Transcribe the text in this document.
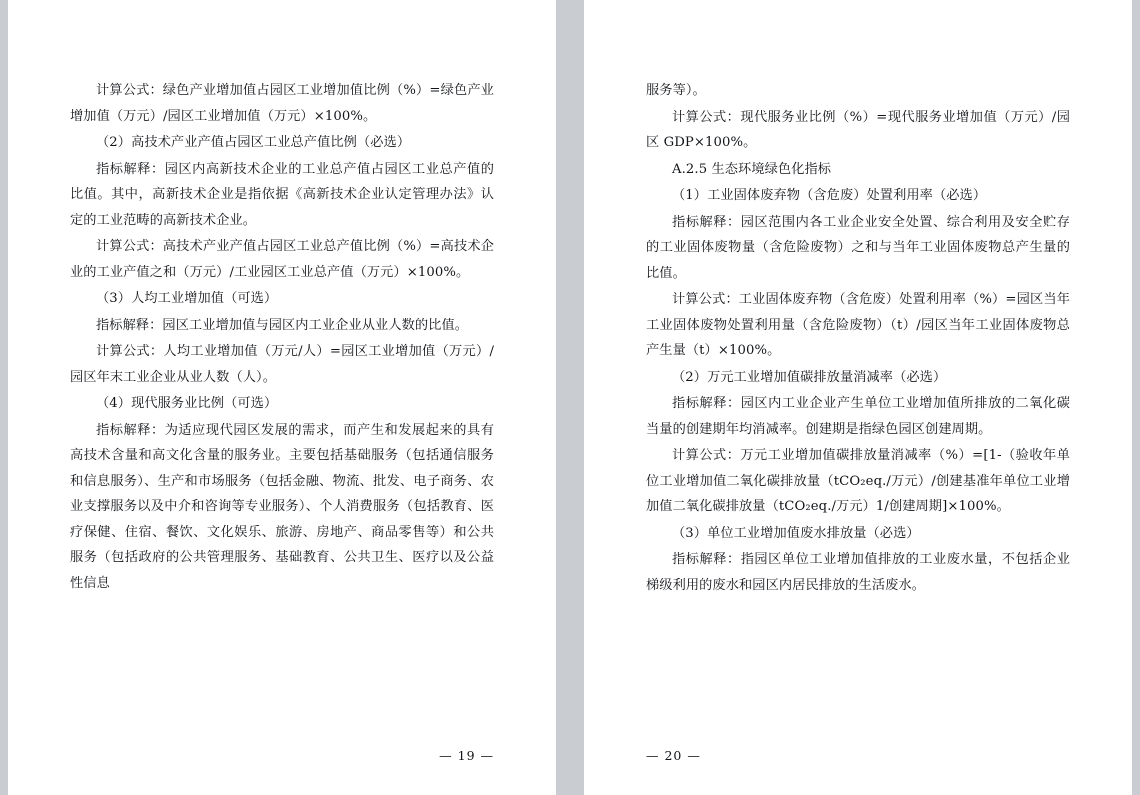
计算公式：绿色产业增加值占园区工业增加值比例（%）=绿色产业增加值（万元）/园区工业增加值（万元）×100%。

（2）高技术产业产值占园区工业总产值比例（必选）

指标解释：园区内高新技术企业的工业总产值占园区工业总产值的比值。其中，高新技术企业是指依据《高新技术企业认定管理办法》认定的工业范畴的高新技术企业。

计算公式：高技术产业产值占园区工业总产值比例（%）=高技术企业的工业产值之和（万元）/工业园区工业总产值（万元）×100%。

（3）人均工业增加值（可选）

指标解释：园区工业增加值与园区内工业企业从业人数的比值。

计算公式：人均工业增加值（万元/人）=园区工业增加值（万元）/园区年末工业企业从业人数（人）。

（4）现代服务业比例（可选）

指标解释：为适应现代园区发展的需求，而产生和发展起来的具有高技术含量和高文化含量的服务业。主要包括基础服务（包括通信服务和信息服务）、生产和市场服务（包括金融、物流、批发、电子商务、农业支撑服务以及中介和咨询等专业服务）、个人消费服务（包括教育、医疗保健、住宿、餐饮、文化娱乐、旅游、房地产、商品零售等）和公共服务（包括政府的公共管理服务、基础教育、公共卫生、医疗以及公益性信息

— 19 —

服务等）。

计算公式：现代服务业比例（%）=现代服务业增加值（万元）/园区 GDP×100%。

A.2.5 生态环境绿色化指标

（1）工业固体废弃物（含危废）处置利用率（必选）

指标解释：园区范围内各工业企业安全处置、综合利用及安全贮存的工业固体废物量（含危险废物）之和与当年工业固体废物总产生量的比值。

计算公式：工业固体废弃物（含危废）处置利用率（%）=园区当年工业固体废物处置利用量（含危险废物）（t）/园区当年工业固体废物总产生量（t）×100%。

（2）万元工业增加值碳排放量消减率（必选）

指标解释：园区内工业企业产生单位工业增加值所排放的二氧化碳当量的创建期年均消减率。创建期是指绿色园区创建周期。

计算公式：万元工业增加值碳排放量消减率（%）=[1-（验收年单位工业增加值二氧化碳排放量（tCO₂eq./万元）/创建基准年单位工业增加值二氧化碳排放量（tCO₂eq./万元）1/创建周期]×100%。

（3）单位工业增加值废水排放量（必选）

指标解释：指园区单位工业增加值排放的工业废水量，不包括企业梯级利用的废水和园区内居民排放的生活废水。

— 20 —
